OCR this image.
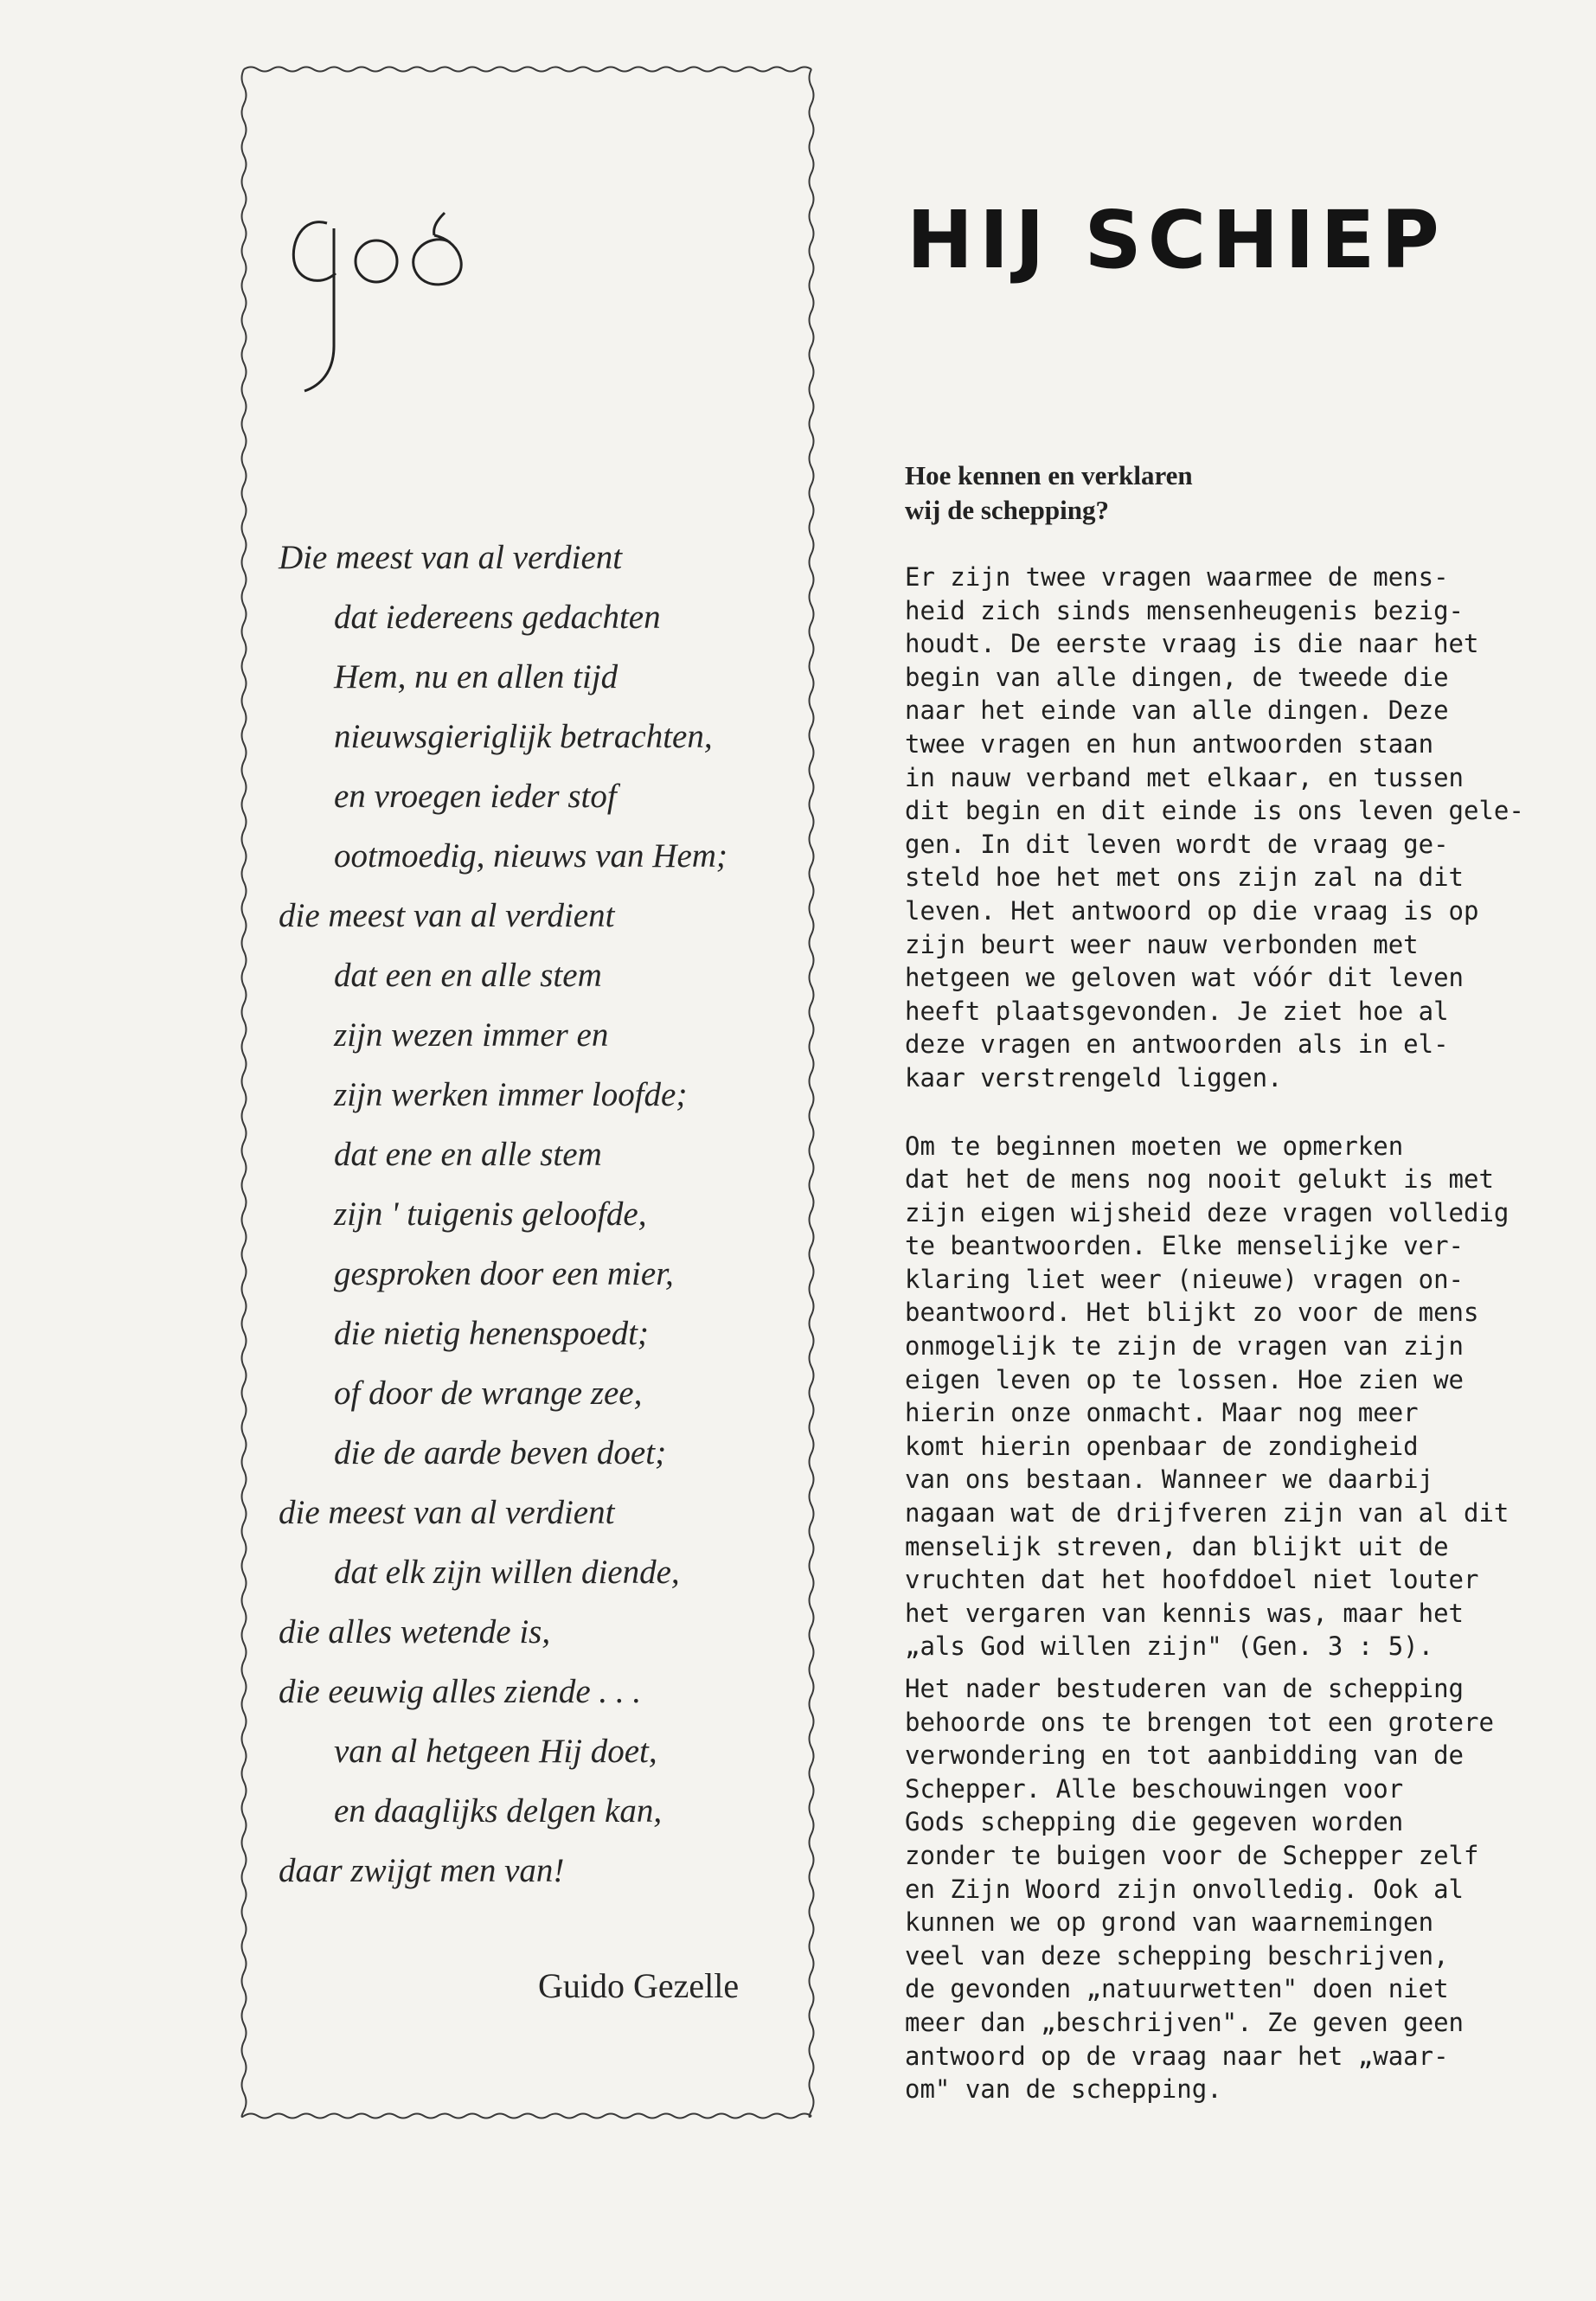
Die meest van al verdient
dat iedereens gedachten
Hem, nu en allen tijd
nieuwsgieriglijk betrachten,
en vroegen ieder stof
ootmoedig, nieuws van Hem;
die meest van al verdient
dat een en alle stem
zijn wezen immer en
zijn werken immer loofde;
dat ene en alle stem
zijn ' tuigenis geloofde,
gesproken door een mier,
die nietig henenspoedt;
of door de wrange zee,
die de aarde beven doet;
die meest van al verdient
dat elk zijn willen diende,
die alles wetende is,
die eeuwig alles ziende . . .
van al hetgeen Hij doet,
en daaglijks delgen kan,
daar zwijgt men van!
Guido Gezelle
HIJ SCHIEP
Hoe kennen en verklaren
wij de schepping?
Er zijn twee vragen waarmee de mens-
heid zich sinds mensenheugenis bezig-
houdt. De eerste vraag is die naar het
begin van alle dingen, de tweede die
naar het einde van alle dingen. Deze
twee vragen en hun antwoorden staan
in nauw verband met elkaar, en tussen
dit begin en dit einde is ons leven gele-
gen. In dit leven wordt de vraag ge-
steld hoe het met ons zijn zal na dit
leven. Het antwoord op die vraag is op
zijn beurt weer nauw verbonden met
hetgeen we geloven wat vóór dit leven
heeft plaatsgevonden. Je ziet hoe al
deze vragen en antwoorden als in el-
kaar verstrengeld liggen.
Om te beginnen moeten we opmerken
dat het de mens nog nooit gelukt is met
zijn eigen wijsheid deze vragen volledig
te beantwoorden. Elke menselijke ver-
klaring liet weer (nieuwe) vragen on-
beantwoord. Het blijkt zo voor de mens
onmogelijk te zijn de vragen van zijn
eigen leven op te lossen. Hoe zien we
hierin onze onmacht. Maar nog meer
komt hierin openbaar de zondigheid
van ons bestaan. Wanneer we daarbij
nagaan wat de drijfveren zijn van al dit
menselijk streven, dan blijkt uit de
vruchten dat het hoofddoel niet louter
het vergaren van kennis was, maar het
„als God willen zijn" (Gen. 3 : 5).
Het nader bestuderen van de schepping
behoorde ons te brengen tot een grotere
verwondering en tot aanbidding van de
Schepper. Alle beschouwingen voor
Gods schepping die gegeven worden
zonder te buigen voor de Schepper zelf
en Zijn Woord zijn onvolledig. Ook al
kunnen we op grond van waarnemingen
veel van deze schepping beschrijven,
de gevonden „natuurwetten" doen niet
meer dan „beschrijven". Ze geven geen
antwoord op de vraag naar het „waar-
om" van de schepping.
